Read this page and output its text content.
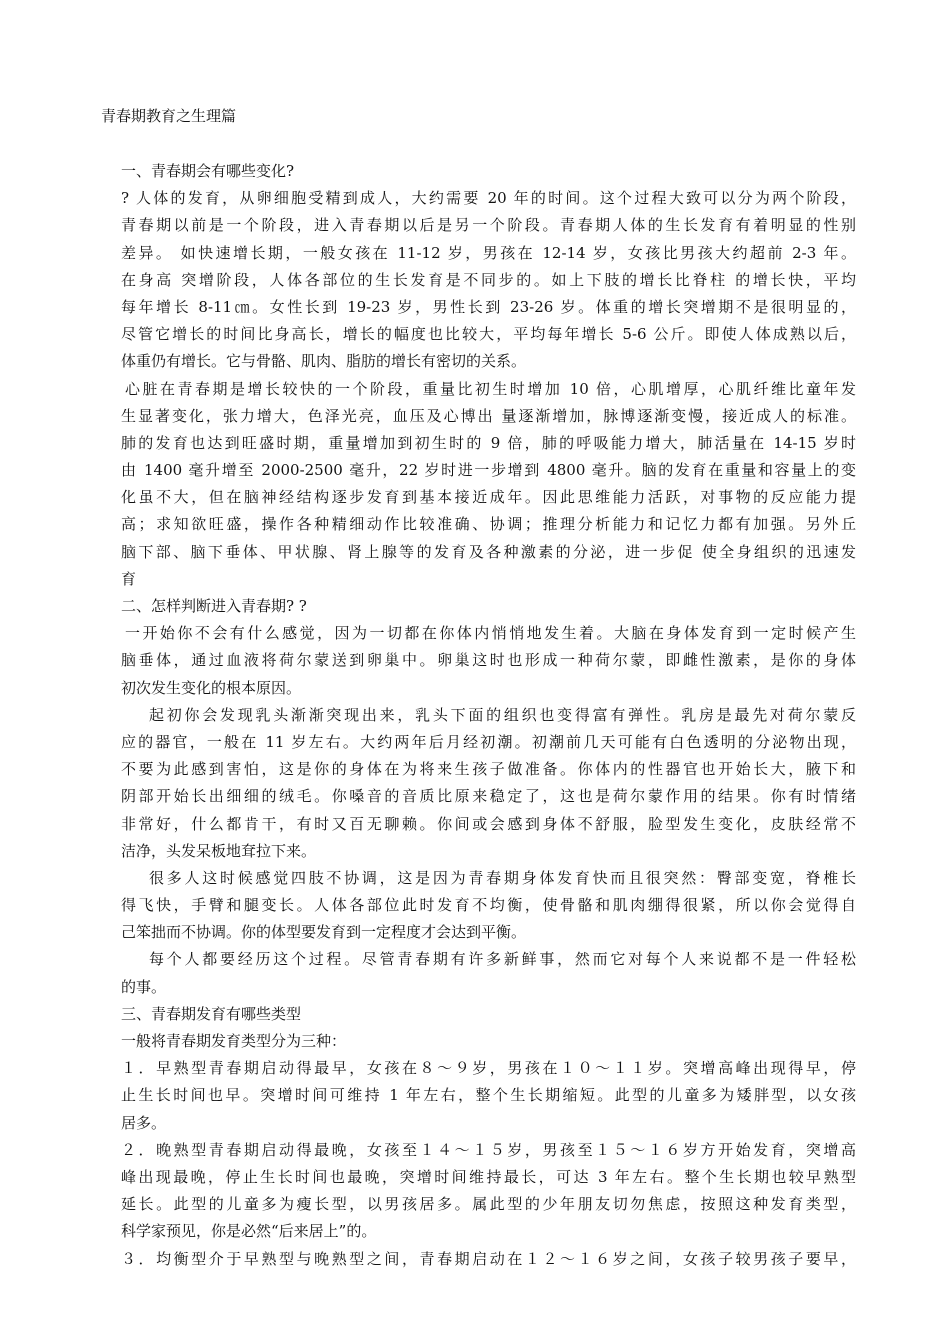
青春期教育之生理篇
一、青春期会有哪些变化?
? 人体的发育，从卵细胞受精到成人，大约需要 20 年的时间。这个过程大致可以分为两个阶段，
青春期以前是一个阶段，进入青春期以后是另一个阶段。青春期人体的生长发育有着明显的性别
差异。 如快速增长期，一般女孩在 11-12 岁，男孩在 12-14 岁，女孩比男孩大约超前 2-3 年。
在身高 突增阶段，人体各部位的生长发育是不同步的。如上下肢的增长比脊柱 的增长快，平均
每年增长 8-11㎝。女性长到 19-23 岁，男性长到 23-26 岁。体重的增长突增期不是很明显的，
尽管它增长的时间比身高长，增长的幅度也比较大，平均每年增长 5-6 公斤。即使人体成熟以后，
体重仍有增长。它与骨骼、肌肉、脂肪的增长有密切的关系。
心脏在青春期是增长较快的一个阶段，重量比初生时增加 10 倍，心肌增厚，心肌纤维比童年发
生显著变化，张力增大，色泽光亮，血压及心博出 量逐渐增加，脉博逐渐变慢，接近成人的标准。
肺的发育也达到旺盛时期，重量增加到初生时的 9 倍，肺的呼吸能力增大，肺活量在 14-15 岁时
由 1400 毫升增至 2000-2500 毫升，22 岁时进一步增到 4800 毫升。脑的发育在重量和容量上的变
化虽不大，但在脑神经结构逐步发育到基本接近成年。因此思维能力活跃，对事物的反应能力提
高；求知欲旺盛，操作各种精细动作比较准确、协调；推理分析能力和记忆力都有加强。另外丘
脑下部、脑下垂体、甲状腺、肾上腺等的发育及各种激素的分泌，进一步促 使全身组织的迅速发
育
二、怎样判断进入青春期? ?
一开始你不会有什么感觉，因为一切都在你体内悄悄地发生着。大脑在身体发育到一定时候产生
脑垂体，通过血液将荷尔蒙送到卵巢中。卵巢这时也形成一种荷尔蒙，即雌性激素，是你的身体
初次发生变化的根本原因。
起初你会发现乳头渐渐突现出来，乳头下面的组织也变得富有弹性。乳房是最先对荷尔蒙反
应的器官，一般在 11 岁左右。大约两年后月经初潮。初潮前几天可能有白色透明的分泌物出现，
不要为此感到害怕，这是你的身体在为将来生孩子做准备。你体内的性器官也开始长大，腋下和
阴部开始长出细细的绒毛。你嗓音的音质比原来稳定了，这也是荷尔蒙作用的结果。你有时情绪
非常好，什么都肯干，有时又百无聊赖。你间或会感到身体不舒服，脸型发生变化，皮肤经常不
洁净，头发呆板地耷拉下来。
很多人这时候感觉四肢不协调，这是因为青春期身体发育快而且很突然：臀部变宽，脊椎长
得飞快，手臂和腿变长。人体各部位此时发育不均衡，使骨骼和肌肉绷得很紧，所以你会觉得自
己笨拙而不协调。你的体型要发育到一定程度才会达到平衡。
每个人都要经历这个过程。尽管青春期有许多新鲜事，然而它对每个人来说都不是一件轻松
的事。
三、青春期发育有哪些类型
一般将青春期发育类型分为三种：
１．早熟型青春期启动得最早，女孩在８～９岁，男孩在１０～１１岁。突增高峰出现得早，停
止生长时间也早。突增时间可维持 1 年左右，整个生长期缩短。此型的儿童多为矮胖型，以女孩
居多。
２．晚熟型青春期启动得最晚，女孩至１４～１５岁，男孩至１５～１６岁方开始发育，突增高
峰出现最晚，停止生长时间也最晚，突增时间维持最长，可达 3 年左右。整个生长期也较早熟型
延长。此型的儿童多为瘦长型，以男孩居多。属此型的少年朋友切勿焦虑，按照这种发育类型，
科学家预见，你是必然“后来居上”的。
３．均衡型介于早熟型与晚熟型之间，青春期启动在１２～１６岁之间，女孩子较男孩子要早，
